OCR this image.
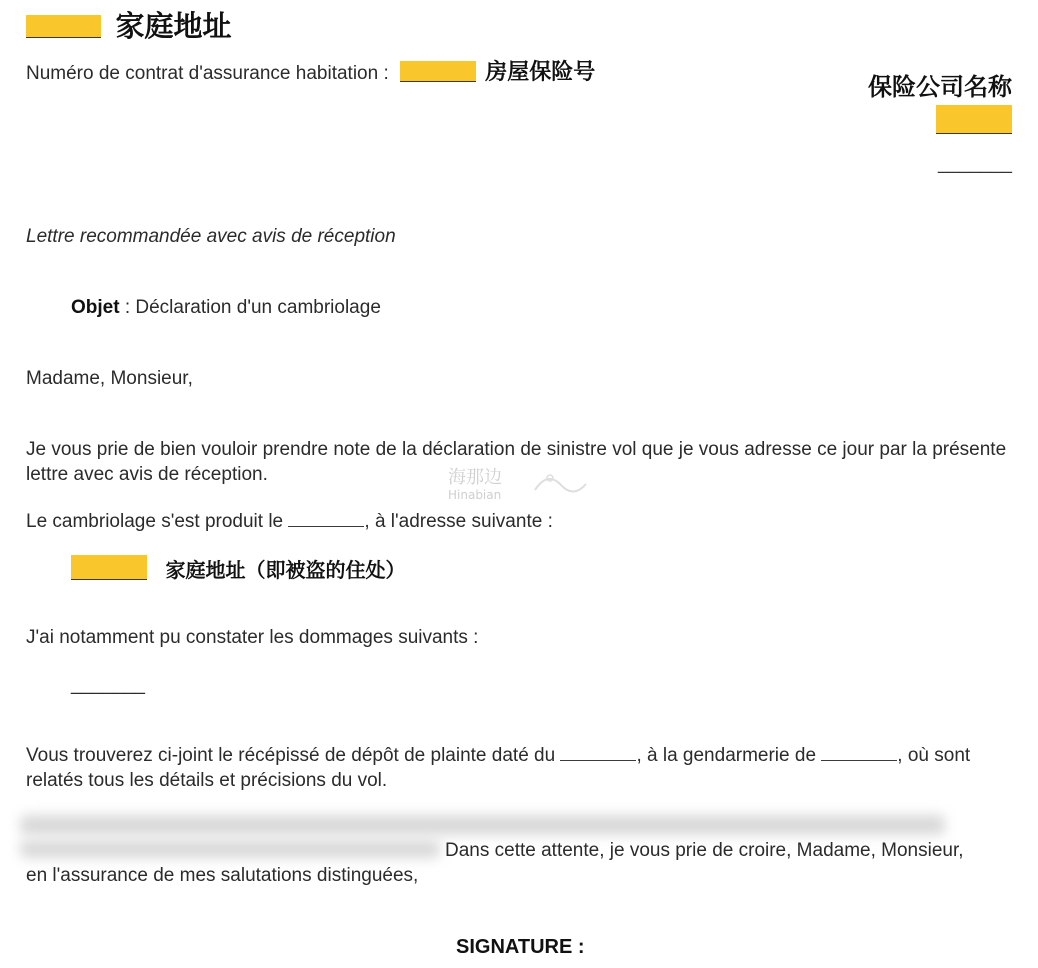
家庭地址
Numéro de contrat d'assurance habitation :	房屋保险号
保险公司名称
_______
Lettre recommandée avec avis de réception
Objet : Déclaration d'un cambriolage
Madame, Monsieur,
Je vous prie de bien vouloir prendre note de la déclaration de sinistre vol que je vous adresse ce jour par la présente lettre avec avis de réception.	海那边
Hinabian
Le cambriolage s'est produit le	, à l'adresse suivante :
家庭地址（即被盗的住处）
J'ai notamment pu constater les dommages suivants :
_______
Vous trouverez ci-joint le récépissé de dépôt de plainte daté du	, à la gendarmerie de	, où sont relatés tous les détails et précisions du vol.
Dans cette attente, je vous prie de croire, Madame, Monsieur,
en l'assurance de mes salutations distinguées,
SIGNATURE :
